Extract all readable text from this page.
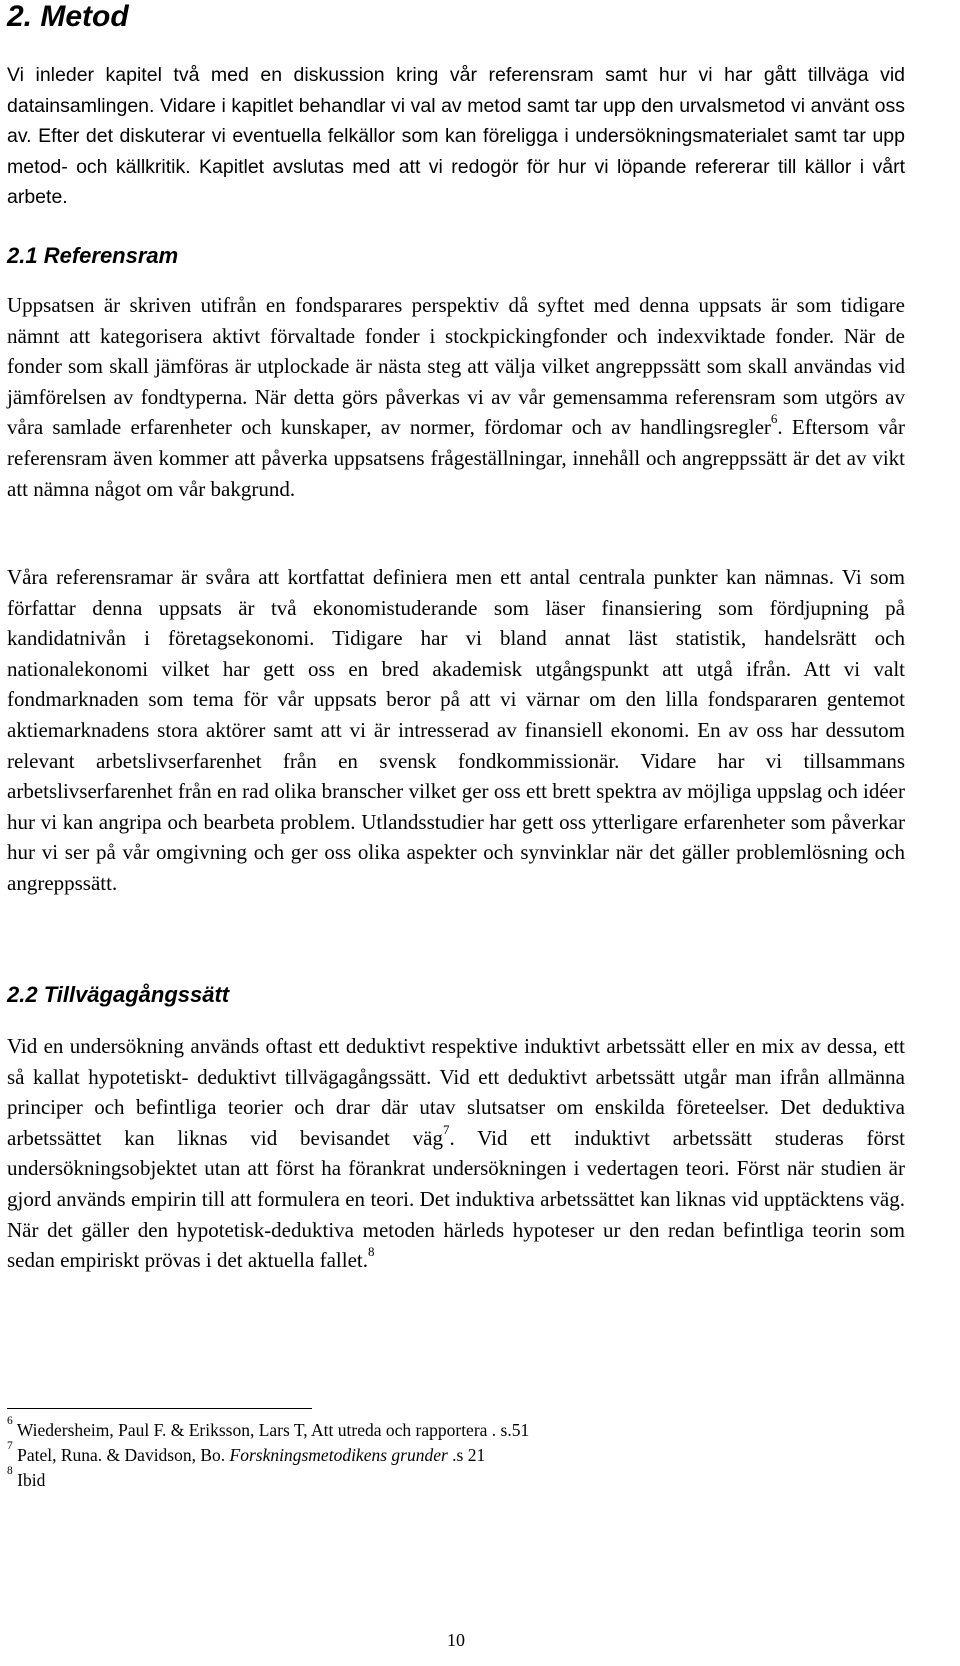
2. Metod

Vi inleder kapitel två med en diskussion kring vår referensram samt hur vi har gått tillväga vid datainsamlingen. Vidare i kapitlet behandlar vi val av metod samt tar upp den urvalsmetod vi använt oss av. Efter det diskuterar vi eventuella felkällor som kan föreligga i undersökningsmaterialet samt tar upp metod- och källkritik. Kapitlet avslutas med att vi redogör för hur vi löpande refererar till källor i vårt arbete.

2.1 Referensram

Uppsatsen är skriven utifrån en fondsparares perspektiv då syftet med denna uppsats är som tidigare nämnt att kategorisera aktivt förvaltade fonder i stockpickingfonder och indexviktade fonder. När de fonder som skall jämföras är utplockade är nästa steg att välja vilket angreppssätt som skall användas vid jämförelsen av fondtyperna. När detta görs påverkas vi av vår gemensamma referensram som utgörs av våra samlade erfarenheter och kunskaper, av normer, fördomar och av handlingsregler$^6$. Eftersom vår referensram även kommer att påverka uppsatsens frågeställningar, innehåll och angreppssätt är det av vikt att nämna något om vår bakgrund.

Våra referensramar är svåra att kortfattat definiera men ett antal centrala punkter kan nämnas. Vi som författar denna uppsats är två ekonomistuderande som läser finansiering som fördjupning på kandidatnivån i företagsekonomi. Tidigare har vi bland annat läst statistik, handelsrätt och nationalekonomi vilket har gett oss en bred akademisk utgångspunkt att utgå ifrån. Att vi valt fondmarknaden som tema för vår uppsats beror på att vi värnar om den lilla fondspararen gentemot aktiemarknadens stora aktörer samt att vi är intresserad av finansiell ekonomi. En av oss har dessutom relevant arbetslivserfarenhet från en svensk fondkommissionär. Vidare har vi tillsammans arbetslivserfarenhet från en rad olika branscher vilket ger oss ett brett spektra av möjliga uppslag och idéer hur vi kan angripa och bearbeta problem. Utlandsstudier har gett oss ytterligare erfarenheter som påverkar hur vi ser på vår omgivning och ger oss olika aspekter och synvinklar när det gäller problemlösning och angreppssätt.

2.2 Tillvägagångssätt

Vid en undersökning används oftast ett deduktivt respektive induktivt arbetssätt eller en mix av dessa, ett så kallat hypotetiskt- deduktivt tillvägagångssätt. Vid ett deduktivt arbetssätt utgår man ifrån allmänna principer och befintliga teorier och drar där utav slutsatser om enskilda företeelser. Det deduktiva arbetssättet kan liknas vid bevisandet väg$^7$. Vid ett induktivt arbetssätt studeras först undersökningsobjektet utan att först ha förankrat undersökningen i vedertagen teori. Först när studien är gjord används empirin till att formulera en teori. Det induktiva arbetssättet kan liknas vid upptäcktens väg. När det gäller den hypotetisk-deduktiva metoden härleds hypoteser ur den redan befintliga teorin som sedan empiriskt prövas i det aktuella fallet.$^8$

$^6$ Wiedersheim, Paul F. & Eriksson, Lars T, Att utreda och rapportera . s.51

$^7$ Patel, Runa. & Davidson, Bo. Forskningsmetodikens grunder .s 21

$^8$ Ibid

10
